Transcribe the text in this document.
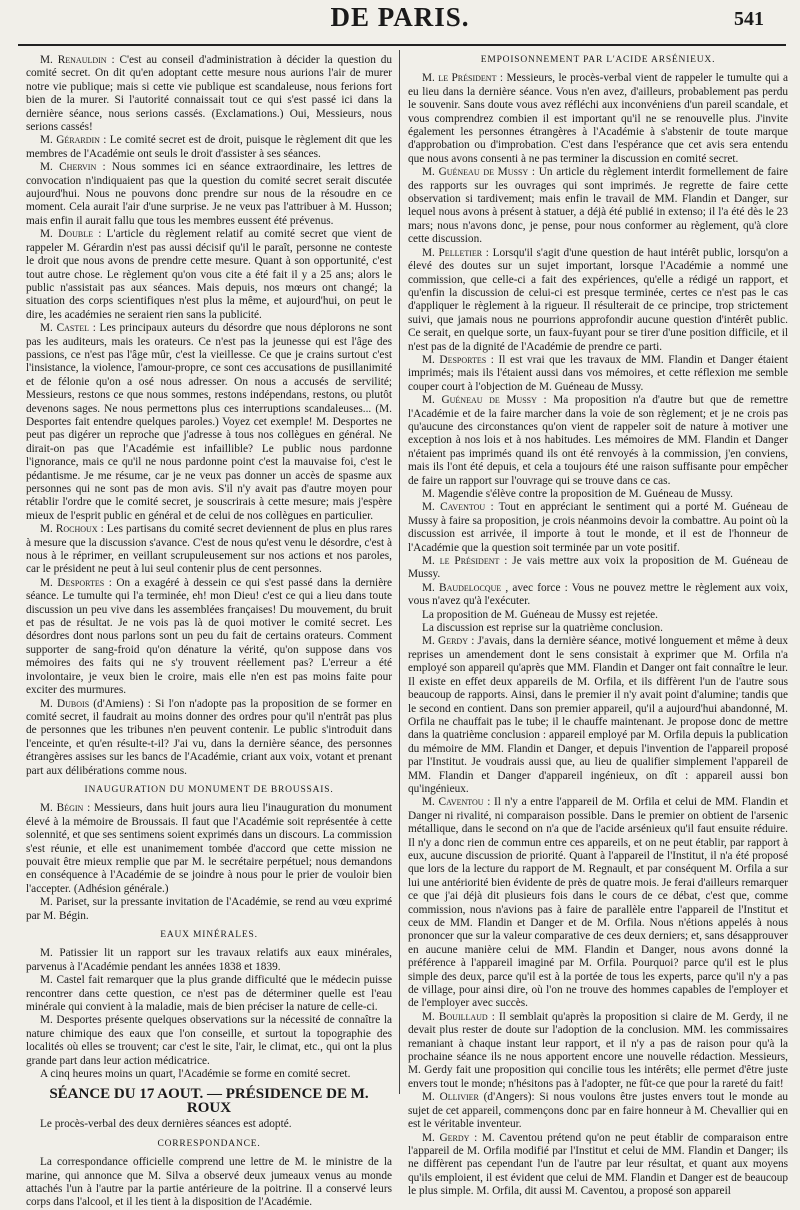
DE PARIS.	541

M. Renauldin : C'est au conseil d'administration à décider la question du comité secret. On dit qu'en adoptant cette mesure nous aurions l'air de murer notre vie publique; mais si cette vie publique est scandaleuse, nous ferions fort bien de la murer. Si l'autorité connaissait tout ce qui s'est passé ici dans la dernière séance, nous serions cassés. (Exclamations.) Oui, Messieurs, nous serions cassés!

M. Gérardin : Le comité secret est de droit, puisque le règlement dit que les membres de l'Académie ont seuls le droit d'assister à ses séances.

M. Chervin : Nous sommes ici en séance extraordinaire, les lettres de convocation n'indiquaient pas que la question du comité secret serait discutée aujourd'hui. Nous ne pouvons donc prendre sur nous de la résoudre en ce moment. Cela aurait l'air d'une surprise. Je ne veux pas l'attribuer à M. Husson; mais enfin il aurait fallu que tous les membres eussent été prévenus.

M. Double : L'article du règlement relatif au comité secret que vient de rappeler M. Gérardin n'est pas aussi décisif qu'il le paraît, personne ne conteste le droit que nous avons de prendre cette mesure. Quant à son opportunité, c'est tout autre chose. Le règlement qu'on vous cite a été fait il y a 25 ans; alors le public n'assistait pas aux séances. Mais depuis, nos mœurs ont changé; la situation des corps scientifiques n'est plus la même, et aujourd'hui, on peut le dire, les académies ne seraient rien sans la publicité.

M. Castel : Les principaux auteurs du désordre que nous déplorons ne sont pas les auditeurs, mais les orateurs. Ce n'est pas la jeunesse qui est l'âge des passions, ce n'est pas l'âge mûr, c'est la vieillesse. Ce que je crains surtout c'est l'insistance, la violence, l'amour-propre, ce sont ces accusations de pusillanimité et de félonie qu'on a osé nous adresser. On nous a accusés de servilité; Messieurs, restons ce que nous sommes, restons indépendans, restons, ou plutôt devenons sages. Ne nous permettons plus ces interruptions scandaleuses... (M. Desportes fait entendre quelques paroles.) Voyez cet exemple! M. Desportes ne peut pas digérer un reproche que j'adresse à tous nos collègues en général. Ne dirait-on pas que l'Académie est infaillible? Le public nous pardonne l'ignorance, mais ce qu'il ne nous pardonne point c'est la mauvaise foi, c'est le pédantisme. Je me résume, car je ne veux pas donner un accès de spasme aux personnes qui ne sont pas de mon avis. S'il n'y avait pas d'autre moyen pour rétablir l'ordre que le comité secret, je souscrirais à cette mesure; mais j'espère mieux de l'esprit public en général et de celui de nos collègues en particulier.

M. Rochoux : Les partisans du comité secret deviennent de plus en plus rares à mesure que la discussion s'avance. C'est de nous qu'est venu le désordre, c'est à nous à le réprimer, en veillant scrupuleusement sur nos actions et nos paroles, car le président ne peut à lui seul contenir plus de cent personnes.

M. Desportes : On a exagéré à dessein ce qui s'est passé dans la dernière séance. Le tumulte qui l'a terminée, eh! mon Dieu! c'est ce qui a lieu dans toute discussion un peu vive dans les assemblées françaises! Du mouvement, du bruit et pas de résultat. Je ne vois pas là de quoi motiver le comité secret. Les désordres dont nous parlons sont un peu du fait de certains orateurs. Comment supporter de sang-froid qu'on dénature la vérité, qu'on suppose dans vos mémoires des faits qui ne s'y trouvent réellement pas? L'erreur a été involontaire, je veux bien le croire, mais elle n'en est pas moins faite pour exciter des murmures.

M. Dubois (d'Amiens) : Si l'on n'adopte pas la proposition de se former en comité secret, il faudrait au moins donner des ordres pour qu'il n'entrât pas plus de personnes que les tribunes n'en peuvent contenir. Le public s'introduit dans l'enceinte, et qu'en résulte-t-il? J'ai vu, dans la dernière séance, des personnes étrangères assises sur les bancs de l'Académie, criant aux voix, votant et prenant part aux délibérations comme nous.

INAUGURATION DU MONUMENT DE BROUSSAIS.

M. Bégin : Messieurs, dans huit jours aura lieu l'inauguration du monument élevé à la mémoire de Broussais. Il faut que l'Académie soit représentée à cette solennité, et que ses sentimens soient exprimés dans un discours. La commission s'est réunie, et elle est unanimement tombée d'accord que cette mission ne pouvait être mieux remplie que par M. le secrétaire perpétuel; nous demandons en conséquence à l'Académie de se joindre à nous pour le prier de vouloir bien l'accepter. (Adhésion générale.)

M. Pariset, sur la pressante invitation de l'Académie, se rend au vœu exprimé par M. Bégin.

EAUX MINÉRALES.

M. Patissier lit un rapport sur les travaux relatifs aux eaux minérales, parvenus à l'Académie pendant les années 1838 et 1839.

M. Castel fait remarquer que la plus grande difficulté que le médecin puisse rencontrer dans cette question, ce n'est pas de déterminer quelle est l'eau minérale qui convient à la maladie, mais de bien préciser la nature de celle-ci.

M. Desportes présente quelques observations sur la nécessité de connaître la nature chimique des eaux que l'on conseille, et surtout la topographie des localités où elles se trouvent; car c'est le site, l'air, le climat, etc., qui ont la plus grande part dans leur action médicatrice.

A cinq heures moins un quart, l'Académie se forme en comité secret.

SÉANCE DU 17 AOUT. — PRÉSIDENCE DE M. ROUX

Le procès-verbal des deux dernières séances est adopté.

CORRESPONDANCE.

La correspondance officielle comprend une lettre de M. le ministre de la marine, qui annonce que M. Silva a observé deux jumeaux venus au monde attachés l'un à l'autre par la partie antérieure de la poitrine. Il a conservé leurs corps dans l'alcool, et il les tient à la disposition de l'Académie.

EMPOISONNEMENT PAR L'ACIDE ARSÉNIEUX.

M. le Président : Messieurs, le procès-verbal vient de rappeler le tumulte qui a eu lieu dans la dernière séance. Vous n'en avez, d'ailleurs, probablement pas perdu le souvenir. Sans doute vous avez réfléchi aux inconvéniens d'un pareil scandale, et vous comprendrez combien il est important qu'il ne se renouvelle plus. J'invite également les personnes étrangères à l'Académie à s'abstenir de toute marque d'approbation ou d'improbation. C'est dans l'espérance que cet avis sera entendu que nous avons consenti à ne pas terminer la discussion en comité secret.

M. Guéneau de Mussy : Un article du règlement interdit formellement de faire des rapports sur les ouvrages qui sont imprimés. Je regrette de faire cette observation si tardivement; mais enfin le travail de MM. Flandin et Danger, sur lequel nous avons à présent à statuer, a déjà été publié in extenso; il l'a été dès le 23 mars; nous n'avons donc, je pense, pour nous conformer au règlement, qu'à clore cette discussion.

M. Pelletier : Lorsqu'il s'agit d'une question de haut intérêt public, lorsqu'on a élevé des doutes sur un sujet important, lorsque l'Académie a nommé une commission, que celle-ci a fait des expériences, qu'elle a rédigé un rapport, et qu'enfin la discussion de celui-ci est presque terminée, certes ce n'est pas le cas d'appliquer le règlement à la rigueur. Il résulterait de ce principe, trop strictement suivi, que jamais nous ne pourrions approfondir aucune question d'intérêt public. Ce serait, en quelque sorte, un faux-fuyant pour se tirer d'une position difficile, et il n'est pas de la dignité de l'Académie de prendre ce parti.

M. Desportes : Il est vrai que les travaux de MM. Flandin et Danger étaient imprimés; mais ils l'étaient aussi dans vos mémoires, et cette réflexion me semble couper court à l'objection de M. Guéneau de Mussy.

M. Guéneau de Mussy : Ma proposition n'a d'autre but que de remettre l'Académie et de la faire marcher dans la voie de son règlement; et je ne crois pas qu'aucune des circonstances qu'on vient de rappeler soit de nature à motiver une exception à nos lois et à nos habitudes. Les mémoires de MM. Flandin et Danger n'étaient pas imprimés quand ils ont été renvoyés à la commission, j'en conviens, mais ils l'ont été depuis, et cela a toujours été une raison suffisante pour empêcher de faire un rapport sur l'ouvrage qui se trouve dans ce cas.

M. Magendie s'élève contre la proposition de M. Guéneau de Mussy.

M. Caventou : Tout en appréciant le sentiment qui a porté M. Guéneau de Mussy à faire sa proposition, je crois néanmoins devoir la combattre. Au point où la discussion est arrivée, il importe à tout le monde, et il est de l'honneur de l'Académie que la question soit terminée par un vote positif.

M. le Président : Je vais mettre aux voix la proposition de M. Guéneau de Mussy.

M. Baudelocque , avec force : Vous ne pouvez mettre le règlement aux voix, vous n'avez qu'à l'exécuter.

La proposition de M. Guéneau de Mussy est rejetée.

La discussion est reprise sur la quatrième conclusion.

M. Gerdy : J'avais, dans la dernière séance, motivé longuement et même à deux reprises un amendement dont le sens consistait à exprimer que M. Orfila n'a employé son appareil qu'après que MM. Flandin et Danger ont fait connaître le leur. Il existe en effet deux appareils de M. Orfila, et ils diffèrent l'un de l'autre sous beaucoup de rapports. Ainsi, dans le premier il n'y avait point d'alumine; tandis que le second en contient. Dans son premier appareil, qu'il a aujourd'hui abandonné, M. Orfila ne chauffait pas le tube; il le chauffe maintenant. Je propose donc de mettre dans la quatrième conclusion : appareil employé par M. Orfila depuis la publication du mémoire de MM. Flandin et Danger, et depuis l'invention de l'appareil proposé par l'Institut. Je voudrais aussi que, au lieu de qualifier simplement l'appareil de MM. Flandin et Danger d'appareil ingénieux, on dît : appareil aussi bon qu'ingénieux.

M. Caventou : Il n'y a entre l'appareil de M. Orfila et celui de MM. Flandin et Danger ni rivalité, ni comparaison possible. Dans le premier on obtient de l'arsenic métallique, dans le second on n'a que de l'acide arsénieux qu'il faut ensuite réduire. Il n'y a donc rien de commun entre ces appareils, et on ne peut établir, par rapport à eux, aucune discussion de priorité. Quant à l'appareil de l'Institut, il n'a été proposé que lors de la lecture du rapport de M. Regnault, et par conséquent M. Orfila a sur lui une antériorité bien évidente de près de quatre mois. Je ferai d'ailleurs remarquer ce que j'ai déjà dit plusieurs fois dans le cours de ce débat, c'est que, comme commission, nous n'avions pas à faire de parallèle entre l'appareil de l'Institut et ceux de MM. Flandin et Danger et de M. Orfila. Nous n'étions appelés à nous prononcer que sur la valeur comparative de ces deux derniers; et, sans désapprouver en aucune manière celui de MM. Flandin et Danger, nous avons donné la préférence à l'appareil imaginé par M. Orfila. Pourquoi? parce qu'il est le plus simple des deux, parce qu'il est à la portée de tous les experts, parce qu'il n'y a pas de village, pour ainsi dire, où l'on ne trouve des hommes capables de l'employer et de l'employer avec succès.

M. Bouillaud : Il semblait qu'après la proposition si claire de M. Gerdy, il ne devait plus rester de doute sur l'adoption de la conclusion. MM. les commissaires remaniant à chaque instant leur rapport, et il n'y a pas de raison pour qu'à la prochaine séance ils ne nous apportent encore une nouvelle rédaction. Messieurs, M. Gerdy fait une proposition qui concilie tous les intérêts; elle permet d'être juste envers tout le monde; n'hésitons pas à l'adopter, ne fût-ce que pour la rareté du fait!

M. Ollivier (d'Angers): Si nous voulons être justes envers tout le monde au sujet de cet appareil, commençons donc par en faire honneur à M. Chevallier qui en est le véritable inventeur.

M. Gerdy : M. Caventou prétend qu'on ne peut établir de comparaison entre l'appareil de M. Orfila modifié par l'Institut et celui de MM. Flandin et Danger; ils ne diffèrent pas cependant l'un de l'autre par leur résultat, et quant aux moyens qu'ils emploient, il est évident que celui de MM. Flandin et Danger est de beaucoup le plus simple. M. Orfila, dit aussi M. Caventou, a proposé son appareil
